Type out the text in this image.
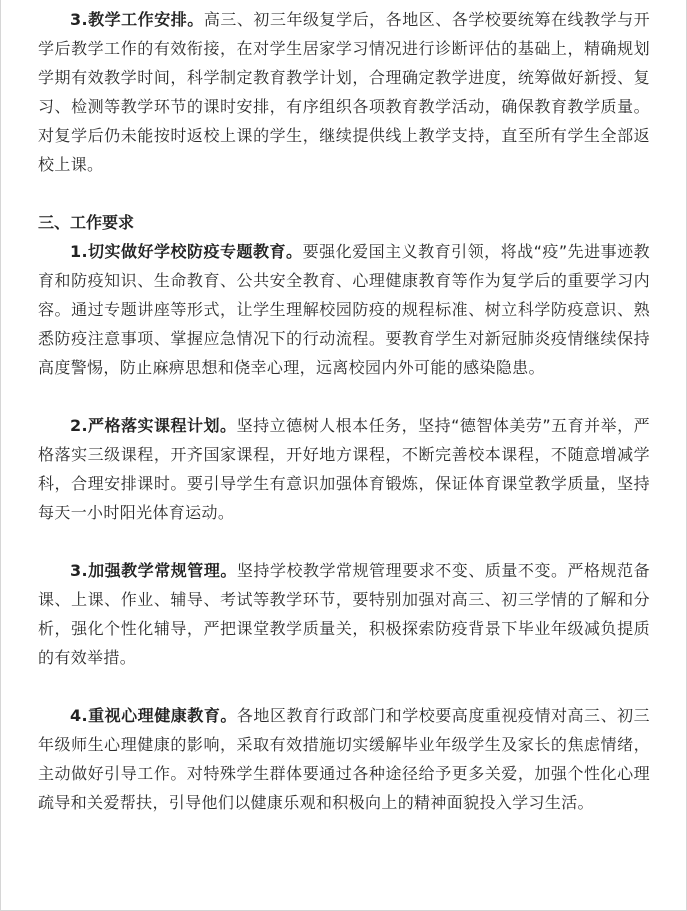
3.教学工作安排。高三、初三年级复学后，各地区、各学校要统筹在线教学与开学后教学工作的有效衔接，在对学生居家学习情况进行诊断评估的基础上，精确规划学期有效教学时间，科学制定教育教学计划，合理确定教学进度，统筹做好新授、复习、检测等教学环节的课时安排，有序组织各项教育教学活动，确保教育教学质量。对复学后仍未能按时返校上课的学生，继续提供线上教学支持，直至所有学生全部返校上课。

三、工作要求

1.切实做好学校防疫专题教育。要强化爱国主义教育引领，将战“疫”先进事迹教育和防疫知识、生命教育、公共安全教育、心理健康教育等作为复学后的重要学习内容。通过专题讲座等形式，让学生理解校园防疫的规程标准、树立科学防疫意识、熟悉防疫注意事项、掌握应急情况下的行动流程。要教育学生对新冠肺炎疫情继续保持高度警惕，防止麻痹思想和侥幸心理，远离校园内外可能的感染隐患。

2.严格落实课程计划。坚持立德树人根本任务，坚持“德智体美劳”五育并举，严格落实三级课程，开齐国家课程，开好地方课程，不断完善校本课程，不随意增减学科，合理安排课时。要引导学生有意识加强体育锻炼，保证体育课堂教学质量，坚持每天一小时阳光体育运动。

3.加强教学常规管理。坚持学校教学常规管理要求不变、质量不变。严格规范备课、上课、作业、辅导、考试等教学环节，要特别加强对高三、初三学情的了解和分析，强化个性化辅导，严把课堂教学质量关，积极探索防疫背景下毕业年级减负提质的有效举措。

4.重视心理健康教育。各地区教育行政部门和学校要高度重视疫情对高三、初三年级师生心理健康的影响，采取有效措施切实缓解毕业年级学生及家长的焦虑情绪，主动做好引导工作。对特殊学生群体要通过各种途径给予更多关爱，加强个性化心理疏导和关爱帮扶，引导他们以健康乐观和积极向上的精神面貌投入学习生活。
